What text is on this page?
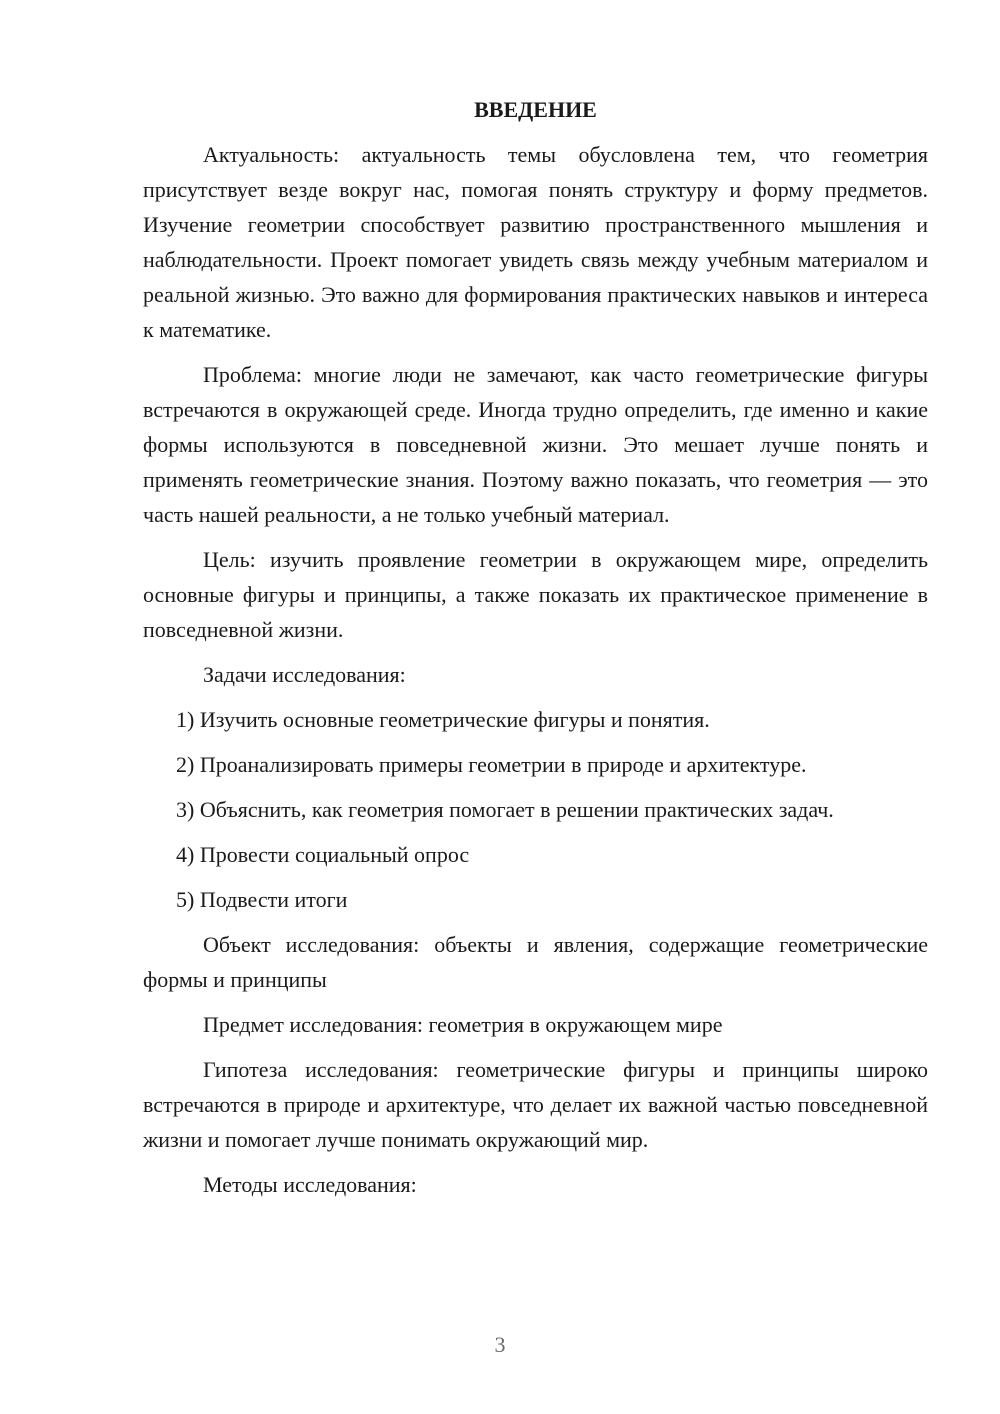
ВВЕДЕНИЕ

Актуальность: актуальность темы обусловлена тем, что геометрия присутствует везде вокруг нас, помогая понять структуру и форму предметов. Изучение геометрии способствует развитию пространственного мышления и наблюдательности. Проект помогает увидеть связь между учебным материалом и реальной жизнью. Это важно для формирования практических навыков и интереса к математике.

Проблема: многие люди не замечают, как часто геометрические фигуры встречаются в окружающей среде. Иногда трудно определить, где именно и какие формы используются в повседневной жизни. Это мешает лучше понять и применять геометрические знания. Поэтому важно показать, что геометрия — это часть нашей реальности, а не только учебный материал.

Цель: изучить проявление геометрии в окружающем мире, определить основные фигуры и принципы, а также показать их практическое применение в повседневной жизни.

Задачи исследования:

1) Изучить основные геометрические фигуры и понятия.

2) Проанализировать примеры геометрии в природе и архитектуре.

3) Объяснить, как геометрия помогает в решении практических задач.

4) Провести социальный опрос

5) Подвести итоги

Объект исследования: объекты и явления, содержащие геометрические формы и принципы

Предмет исследования: геометрия в окружающем мире

Гипотеза исследования: геометрические фигуры и принципы широко встречаются в природе и архитектуре, что делает их важной частью повседневной жизни и помогает лучше понимать окружающий мир.

Методы исследования:

3
